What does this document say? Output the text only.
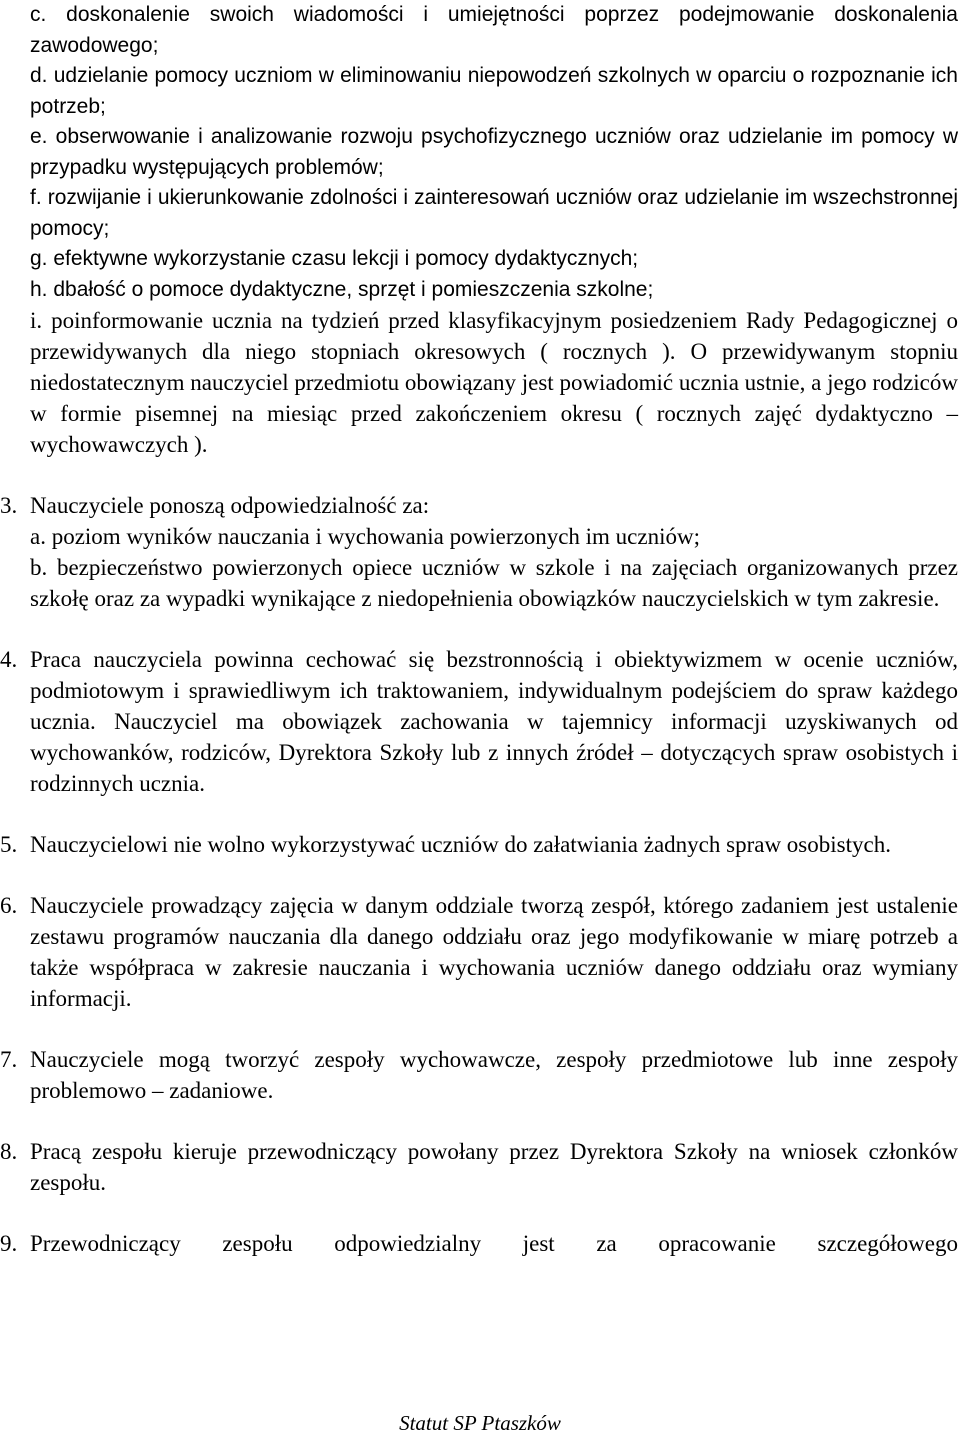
c. doskonalenie swoich wiadomości i umiejętności poprzez podejmowanie doskonalenia zawodowego;

d. udzielanie pomocy uczniom w eliminowaniu niepowodzeń szkolnych w oparciu o rozpoznanie ich potrzeb;

e. obserwowanie i analizowanie rozwoju psychofizycznego uczniów oraz udzielanie im pomocy w przypadku występujących problemów;

f. rozwijanie i ukierunkowanie zdolności i zainteresowań uczniów oraz udzielanie im wszechstronnej pomocy;

g. efektywne wykorzystanie czasu lekcji i pomocy dydaktycznych;

h. dbałość o pomoce dydaktyczne, sprzęt i pomieszczenia szkolne;

i. poinformowanie ucznia na tydzień przed klasyfikacyjnym posiedzeniem Rady Pedagogicznej o przewidywanych dla niego stopniach okresowych ( rocznych ). O przewidywanym stopniu niedostatecznym nauczyciel przedmiotu obowiązany jest powiadomić ucznia ustnie, a jego rodziców w formie pisemnej na miesiąc przed zakończeniem okresu ( rocznych zajęć dydaktyczno – wychowawczych ).

3. Nauczyciele ponoszą odpowiedzialność za:

a. poziom wyników nauczania i wychowania powierzonych im uczniów;

b. bezpieczeństwo powierzonych opiece uczniów w szkole i na zajęciach organizowanych przez szkołę oraz za wypadki wynikające z niedopełnienia obowiązków nauczycielskich w tym zakresie.

4. Praca nauczyciela powinna cechować się bezstronnością i obiektywizmem w ocenie uczniów, podmiotowym i sprawiedliwym ich traktowaniem, indywidualnym podejściem do spraw każdego ucznia. Nauczyciel ma obowiązek zachowania w tajemnicy informacji uzyskiwanych od wychowanków, rodziców, Dyrektora Szkoły lub z innych źródeł – dotyczących spraw osobistych i rodzinnych ucznia.

5. Nauczycielowi nie wolno wykorzystywać uczniów do załatwiania żadnych spraw osobistych.

6. Nauczyciele prowadzący zajęcia w danym oddziale tworzą zespół, którego zadaniem jest ustalenie zestawu programów nauczania dla danego oddziału oraz jego modyfikowanie w miarę potrzeb a także współpraca w zakresie nauczania i wychowania uczniów danego oddziału oraz wymiany informacji.

7. Nauczyciele mogą tworzyć zespoły wychowawcze, zespoły przedmiotowe lub inne zespoły problemowo – zadaniowe.

8. Pracą zespołu kieruje przewodniczący powołany przez Dyrektora Szkoły na wniosek członków zespołu.

9. Przewodniczący zespołu odpowiedzialny jest za opracowanie szczegółowego

Statut SP Ptaszków
